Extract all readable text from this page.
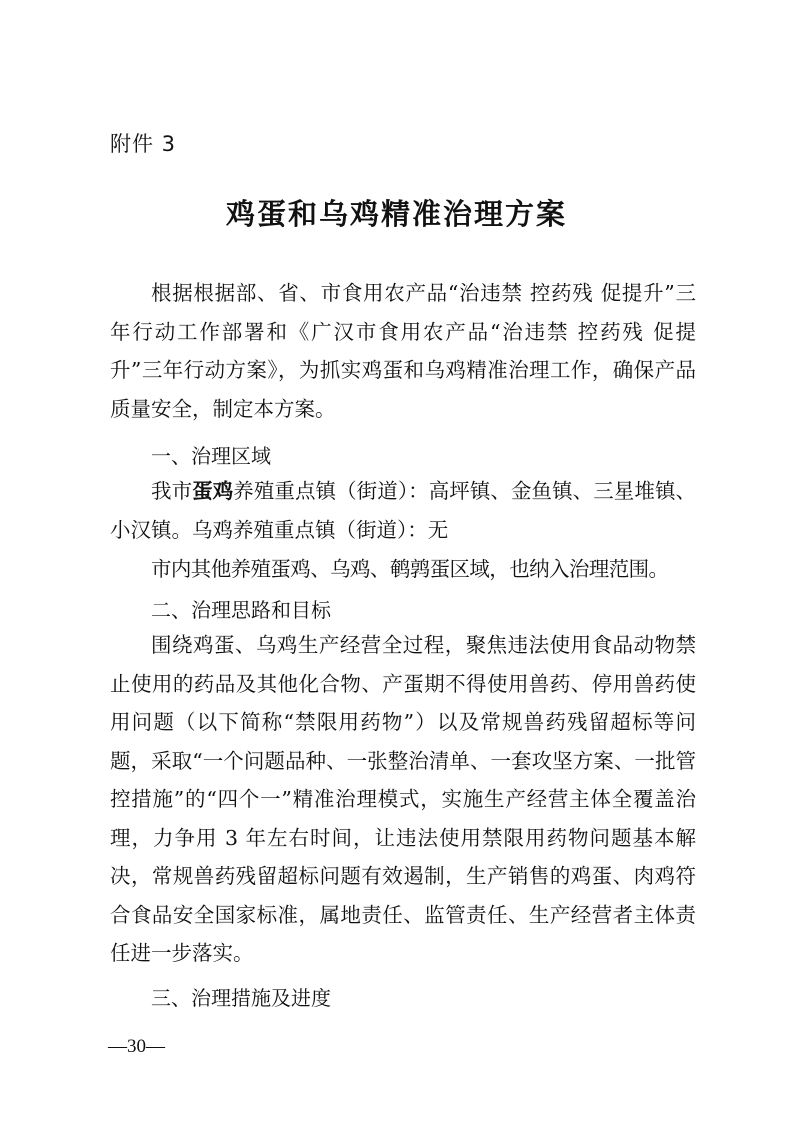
附件 3
鸡蛋和乌鸡精准治理方案
根据根据部、省、市食用农产品“治违禁 控药残 促提升”三年行动工作部署和《广汉市食用农产品“治违禁 控药残 促提升”三年行动方案》，为抓实鸡蛋和乌鸡精准治理工作，确保产品质量安全，制定本方案。
一、治理区域
我市蛋鸡养殖重点镇（街道）：高坪镇、金鱼镇、三星堆镇、小汉镇。乌鸡养殖重点镇（街道）：无
市内其他养殖蛋鸡、乌鸡、鹌鹑蛋区域，也纳入治理范围。
二、治理思路和目标
围绕鸡蛋、乌鸡生产经营全过程，聚焦违法使用食品动物禁止使用的药品及其他化合物、产蛋期不得使用兽药、停用兽药使用问题（以下简称“禁限用药物”）以及常规兽药残留超标等问题，采取“一个问题品种、一张整治清单、一套攻坚方案、一批管控措施”的“四个一”精准治理模式，实施生产经营主体全覆盖治理，力争用 3 年左右时间，让违法使用禁限用药物问题基本解决，常规兽药残留超标问题有效遏制，生产销售的鸡蛋、肉鸡符合食品安全国家标准，属地责任、监管责任、生产经营者主体责任进一步落实。
三、治理措施及进度
—30—
